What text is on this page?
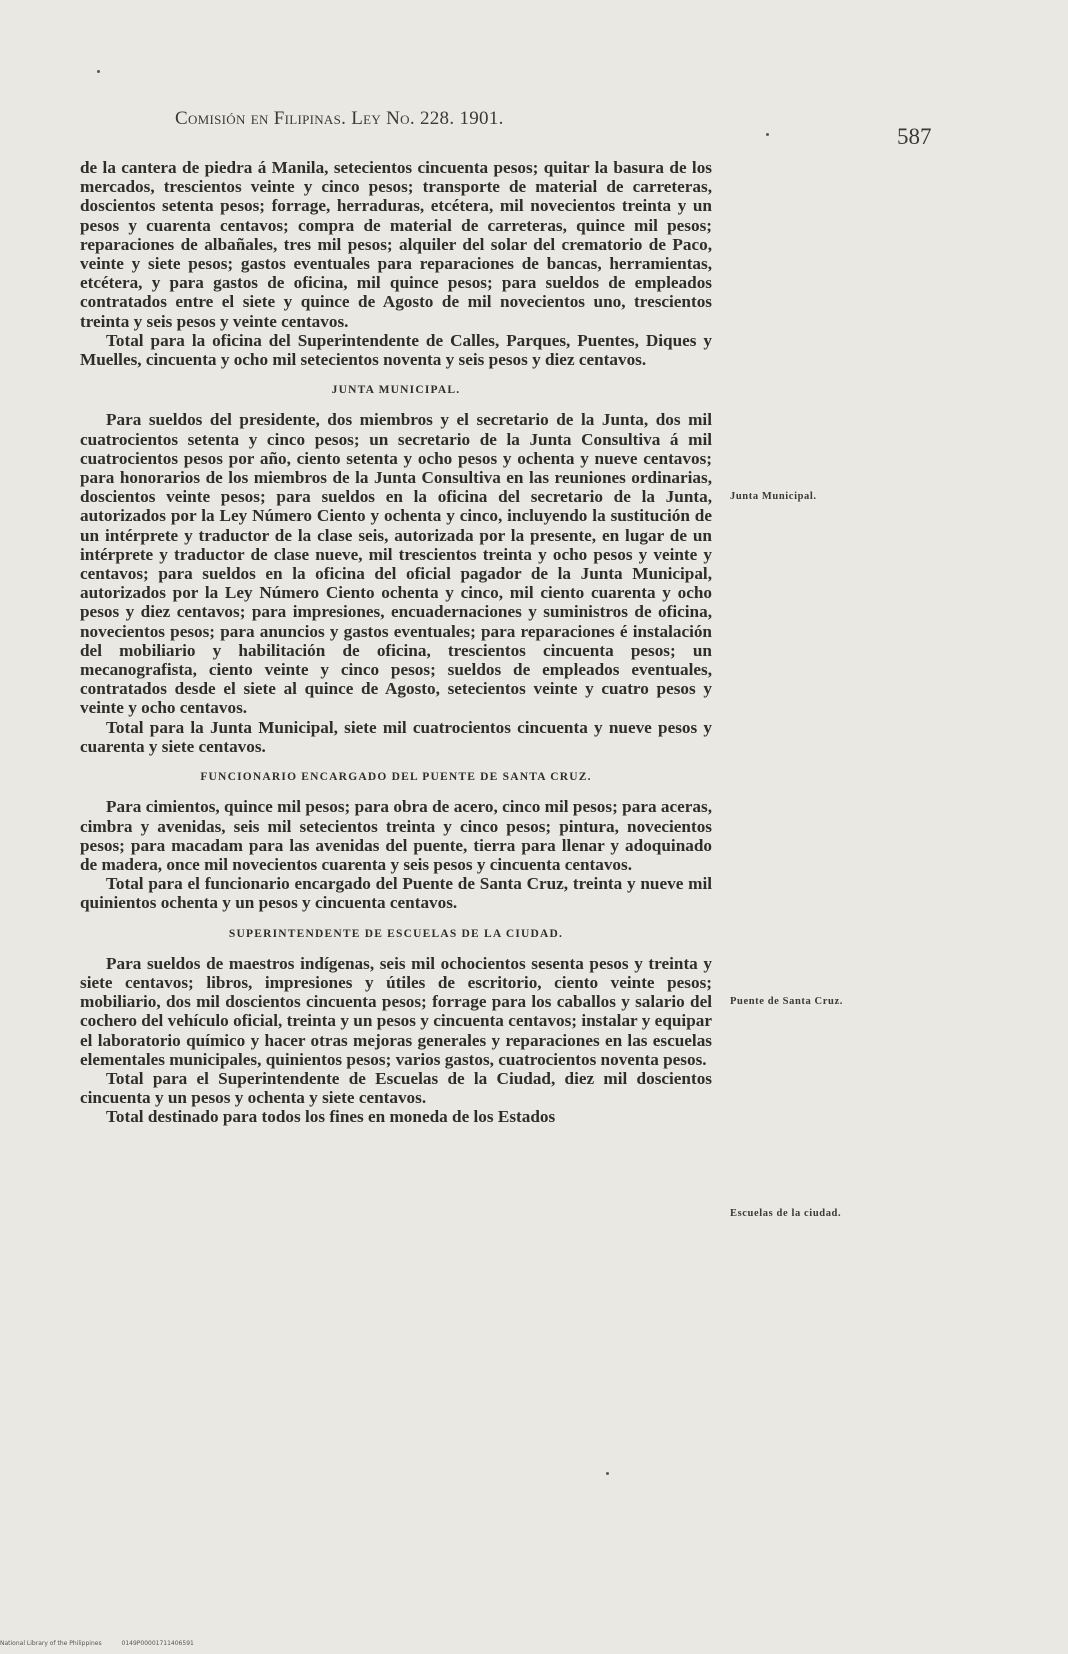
Comisión en Filipinas. Ley No. 228. 1901.
587

de la cantera de piedra á Manila, setecientos cincuenta pesos; quitar la basura de los mercados, trescientos veinte y cinco pesos; transporte de material de carreteras, doscientos setenta pesos; forrage, herraduras, etcétera, mil novecientos treinta y un pesos y cuarenta centavos; compra de material de carreteras, quince mil pesos; reparaciones de albañales, tres mil pesos; alquiler del solar del crematorio de Paco, veinte y siete pesos; gastos eventuales para reparaciones de bancas, herramientas, etcétera, y para gastos de oficina, mil quince pesos; para sueldos de empleados contratados entre el siete y quince de Agosto de mil novecientos uno, trescientos treinta y seis pesos y veinte centavos.

Total para la oficina del Superintendente de Calles, Parques, Puentes, Diques y Muelles, cincuenta y ocho mil setecientos noventa y seis pesos y diez centavos.

JUNTA MUNICIPAL.

Para sueldos del presidente, dos miembros y el secretario de la Junta, dos mil cuatrocientos setenta y cinco pesos; un secretario de la Junta Consultiva á mil cuatrocientos pesos por año, ciento setenta y ocho pesos y ochenta y nueve centavos; para honorarios de los miembros de la Junta Consultiva en las reuniones ordinarias, doscientos veinte pesos; para sueldos en la oficina del secretario de la Junta, autorizados por la Ley Número Ciento y ochenta y cinco, incluyendo la sustitución de un intérprete y traductor de la clase seis, autorizada por la presente, en lugar de un intérprete y traductor de clase nueve, mil trescientos treinta y ocho pesos y veinte y centavos; para sueldos en la oficina del oficial pagador de la Junta Municipal, autorizados por la Ley Número Ciento ochenta y cinco, mil ciento cuarenta y ocho pesos y diez centavos; para impresiones, encuadernaciones y suministros de oficina, novecientos pesos; para anuncios y gastos eventuales; para reparaciones é instalación del mobiliario y habilitación de oficina, trescientos cincuenta pesos; un mecanografista, ciento veinte y cinco pesos; sueldos de empleados eventuales, contratados desde el siete al quince de Agosto, setecientos veinte y cuatro pesos y veinte y ocho centavos.

Total para la Junta Municipal, siete mil cuatrocientos cincuenta y nueve pesos y cuarenta y siete centavos.

FUNCIONARIO ENCARGADO DEL PUENTE DE SANTA CRUZ.

Para cimientos, quince mil pesos; para obra de acero, cinco mil pesos; para aceras, cimbra y avenidas, seis mil setecientos treinta y cinco pesos; pintura, novecientos pesos; para macadam para las avenidas del puente, tierra para llenar y adoquinado de madera, once mil novecientos cuarenta y seis pesos y cincuenta centavos.

Total para el funcionario encargado del Puente de Santa Cruz, treinta y nueve mil quinientos ochenta y un pesos y cincuenta centavos.

SUPERINTENDENTE DE ESCUELAS DE LA CIUDAD.

Para sueldos de maestros indígenas, seis mil ochocientos sesenta pesos y treinta y siete centavos; libros, impresiones y útiles de escritorio, ciento veinte pesos; mobiliario, dos mil doscientos cincuenta pesos; forrage para los caballos y salario del cochero del vehículo oficial, treinta y un pesos y cincuenta centavos; instalar y equipar el laboratorio químico y hacer otras mejoras generales y reparaciones en las escuelas elementales municipales, quinientos pesos; varios gastos, cuatrocientos noventa pesos.

Total para el Superintendente de Escuelas de la Ciudad, diez mil doscientos cincuenta y un pesos y ochenta y siete centavos.

Total destinado para todos los fines en moneda de los Estados

Junta Municipal.
Puente de Santa Cruz.
Escuelas de la ciudad.
National Library of the Philippines	0149P00001711406591
